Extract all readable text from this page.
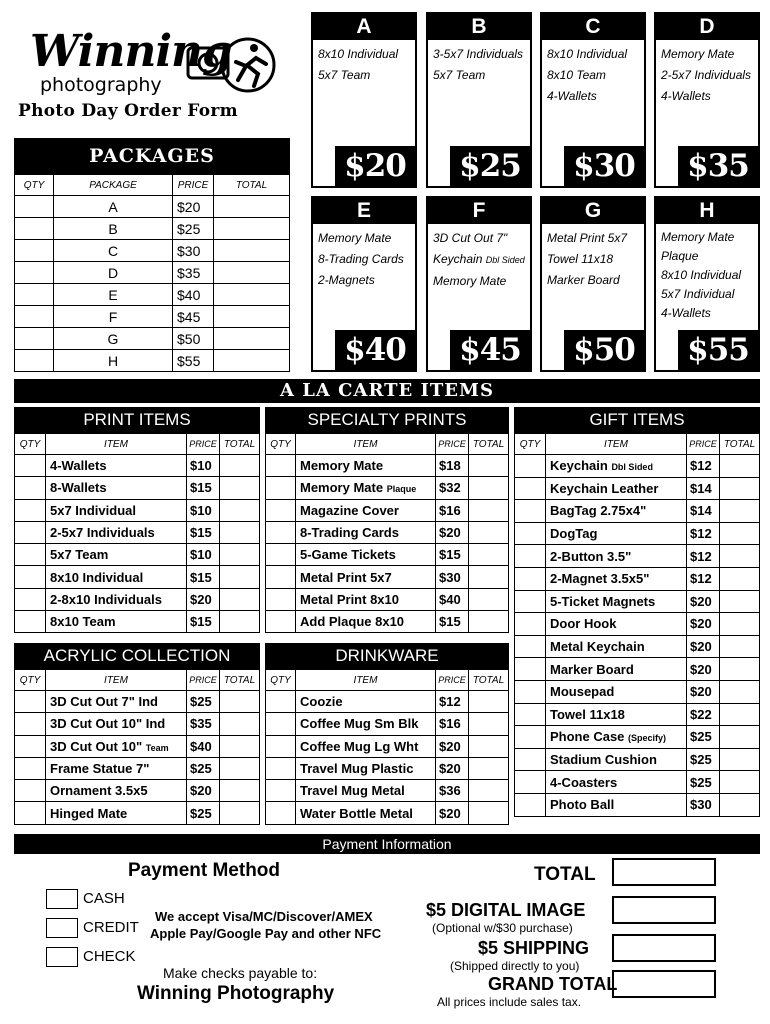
Winning
photography
Photo Day Order Form
PACKAGES
QTY	PACKAGE	PRICE	TOTAL
	A	$20	
	B	$25	
	C	$30	
	D	$35	
	E	$40	
	F	$45	
	G	$50	
	H	$55	
A
8x10 Individual
5x7 Team
$20
B
3-5x7 Individuals
5x7 Team
$25
C
8x10 Individual
8x10 Team
4-Wallets
$30
D
Memory Mate
2-5x7 Individuals
4-Wallets
$35
E
Memory Mate
8-Trading Cards
2-Magnets
$40
F
3D Cut Out 7"
Keychain Dbl Sided
Memory Mate
$45
G
Metal Print 5x7
Towel 11x18
Marker Board
$50
H
Memory Mate Plaque
8x10 Individual
5x7 Individual
4-Wallets
$55
A LA CARTE ITEMS
PRINT ITEMS
QTY	ITEM	PRICE	TOTAL
	4-Wallets	$10	
	8-Wallets	$15	
	5x7 Individual	$10	
	2-5x7 Individuals	$15	
	5x7 Team	$10	
	8x10 Individual	$15	
	2-8x10 Individuals	$20	
	8x10 Team	$15	
SPECIALTY PRINTS
QTY	ITEM	PRICE	TOTAL
	Memory Mate	$18	
	Memory Mate Plaque	$32	
	Magazine Cover	$16	
	8-Trading Cards	$20	
	5-Game Tickets	$15	
	Metal Print 5x7	$30	
	Metal Print 8x10	$40	
	Add Plaque 8x10	$15	
ACRYLIC COLLECTION
QTY	ITEM	PRICE	TOTAL
	3D Cut Out 7" Ind	$25	
	3D Cut Out 10" Ind	$35	
	3D Cut Out 10" Team	$40	
	Frame Statue 7"	$25	
	Ornament 3.5x5	$20	
	Hinged Mate	$25	
DRINKWARE
QTY	ITEM	PRICE	TOTAL
	Coozie	$12	
	Coffee Mug Sm Blk	$16	
	Coffee Mug Lg Wht	$20	
	Travel Mug Plastic	$20	
	Travel Mug Metal	$36	
	Water Bottle Metal	$20	
GIFT ITEMS
QTY	ITEM	PRICE	TOTAL
	Keychain Dbl Sided	$12	
	Keychain Leather	$14	
	BagTag 2.75x4"	$14	
	DogTag	$12	
	2-Button 3.5"	$12	
	2-Magnet 3.5x5"	$12	
	5-Ticket Magnets	$20	
	Door Hook	$20	
	Metal Keychain	$20	
	Marker Board	$20	
	Mousepad	$20	
	Towel 11x18	$22	
	Phone Case (Specify)	$25	
	Stadium Cushion	$25	
	4-Coasters	$25	
	Photo Ball	$30	
Payment Information
Payment Method
CASH
CREDIT
CHECK
We accept Visa/MC/Discover/AMEX
Apple Pay/Google Pay and other NFC
Make checks payable to:
Winning Photography
TOTAL
$5 DIGITAL IMAGE
(Optional w/$30 purchase)
$5 SHIPPING
(Shipped directly to you)
GRAND TOTAL
All prices include sales tax.
